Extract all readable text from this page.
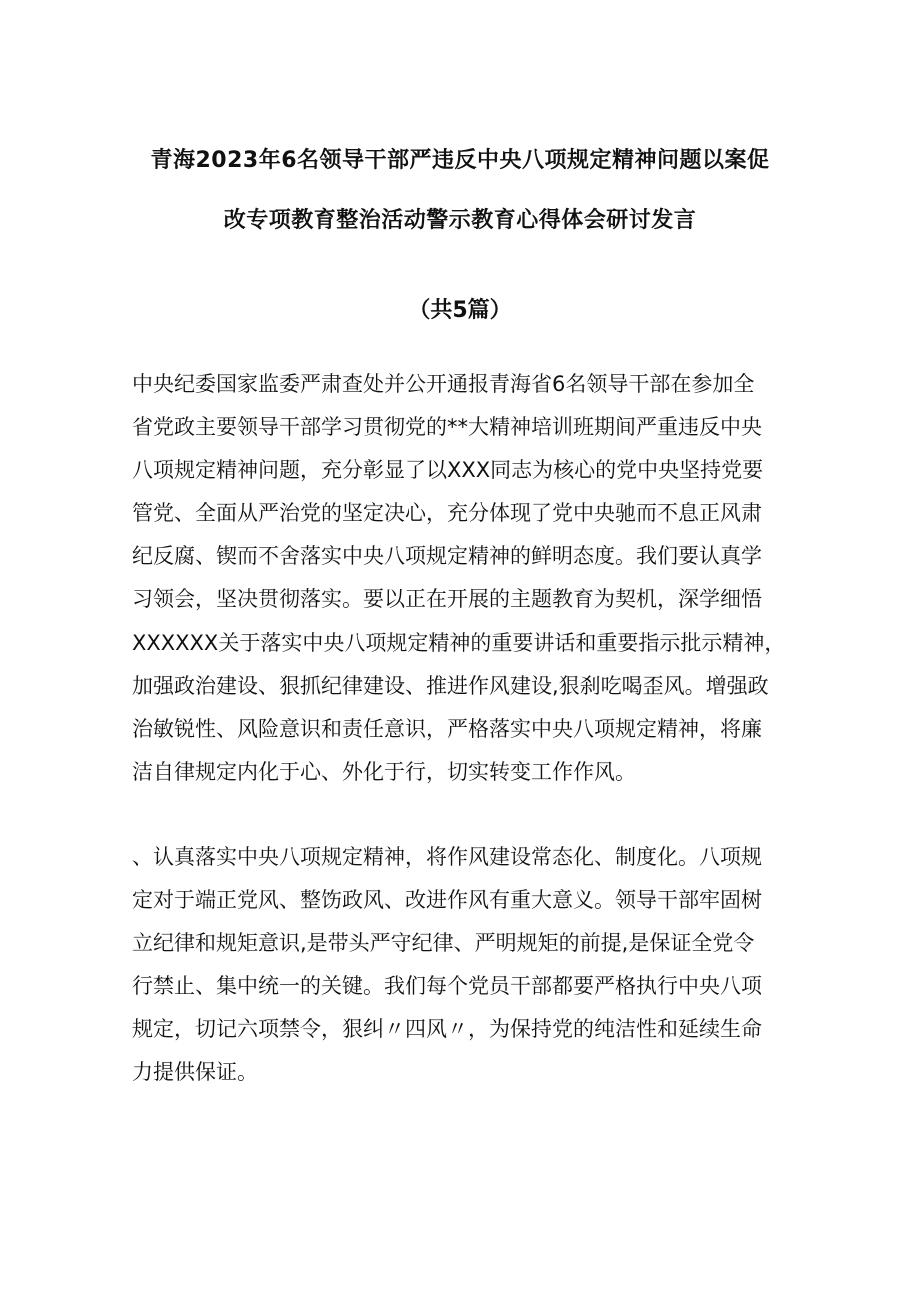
青海2023年6名领导干部严违反中央八项规定精神问题以案促
改专项教育整治活动警示教育心得体会研讨发言
（共5篇）
中央纪委国家监委严肃查处并公开通报青海省6名领导干部在参加全
省党政主要领导干部学习贯彻党的**大精神培训班期间严重违反中央
八项规定精神问题，充分彰显了以XXX同志为核心的党中央坚持党要
管党、全面从严治党的坚定决心，充分体现了党中央驰而不息正风肃
纪反腐、锲而不舍落实中央八项规定精神的鲜明态度。我们要认真学
习领会，坚决贯彻落实。要以正在开展的主题教育为契机，深学细悟
XXXXXX关于落实中央八项规定精神的重要讲话和重要指示批示精神，
加强政治建设、狠抓纪律建设、推进作风建设,狠刹吃喝歪风。增强政
治敏锐性、风险意识和责任意识，严格落实中央八项规定精神，将廉
洁自律规定内化于心、外化于行，切实转变工作作风。
、认真落实中央八项规定精神，将作风建设常态化、制度化。八项规
定对于端正党风、整饬政风、改进作风有重大意义。领导干部牢固树
立纪律和规矩意识,是带头严守纪律、严明规矩的前提,是保证全党令
行禁止、集中统一的关键。我们每个党员干部都要严格执行中央八项
规定，切记六项禁令，狠纠〃四风〃，为保持党的纯洁性和延续生命
力提供保证。
